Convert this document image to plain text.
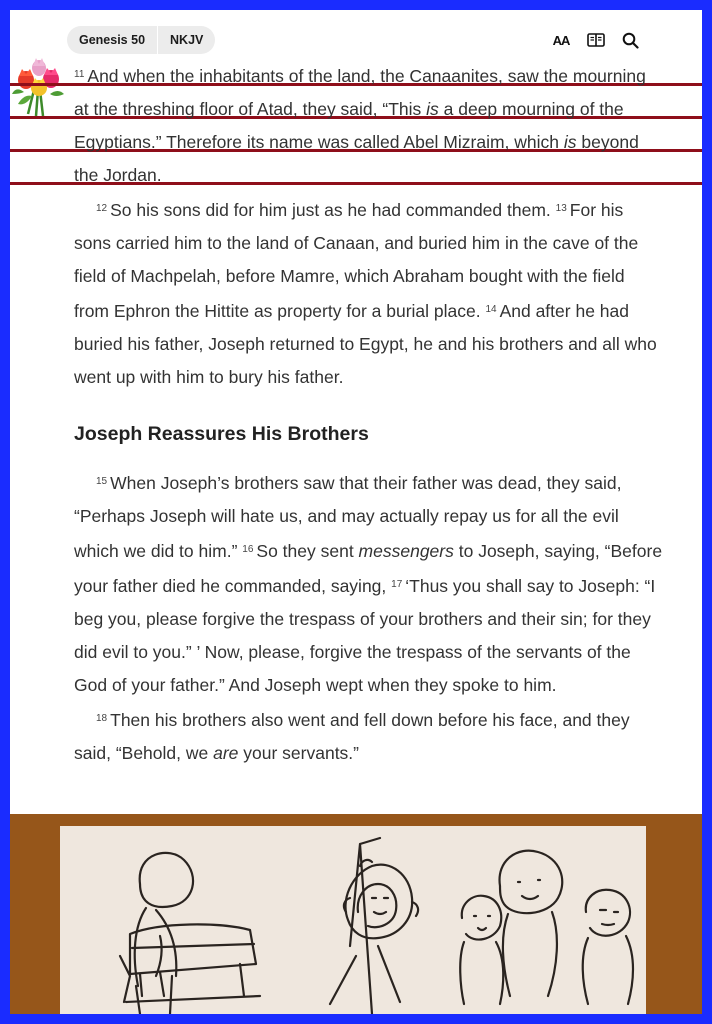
Genesis 50	NKJV	AA

$^{11}$ And when the inhabitants of the land, the Canaanites, saw the mourning at the threshing floor of Atad, they said, “This is a deep mourning of the Egyptians.” Therefore its name was called Abel Mizraim, which is beyond the Jordan.

$^{12}$ So his sons did for him just as he had commanded them. $^{13}$ For his sons carried him to the land of Canaan, and buried him in the cave of the field of Machpelah, before Mamre, which Abraham bought with the field from Ephron the Hittite as property for a burial place. $^{14}$ And after he had buried his father, Joseph returned to Egypt, he and his brothers and all who went up with him to bury his father.

Joseph Reassures His Brothers

$^{15}$ When Joseph’s brothers saw that their father was dead, they said, “Perhaps Joseph will hate us, and may actually repay us for all the evil which we did to him.” $^{16}$ So they sent messengers to Joseph, saying, “Before your father died he commanded, saying, $^{17}$ ‘Thus you shall say to Joseph: “I beg you, please forgive the trespass of your brothers and their sin; for they did evil to you.” ’ Now, please, forgive the trespass of the servants of the God of your father.” And Joseph wept when they spoke to him.

$^{18}$ Then his brothers also went and fell down before his face, and they said, “Behold, we are your servants.”
